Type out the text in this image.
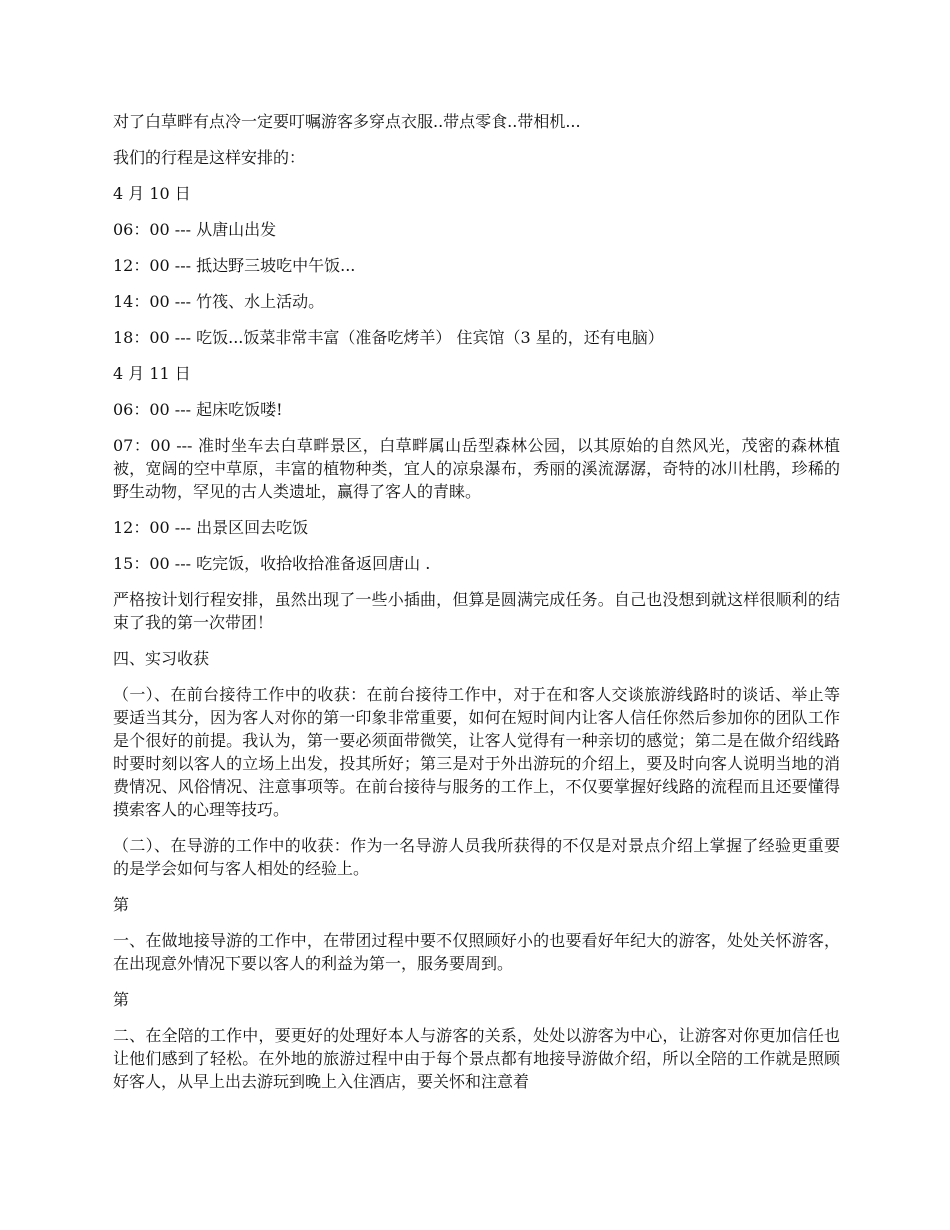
对了白草畔有点冷一定要叮嘱游客多穿点衣服..带点零食..带相机...

我们的行程是这样安排的：

4 月 10 日

06：00 --- 从唐山出发

12：00 --- 抵达野三坡吃中午饭...

14：00 --- 竹筏、水上活动。

18：00 --- 吃饭...饭菜非常丰富（准备吃烤羊） 住宾馆（3 星的，还有电脑）

4 月 11 日

06：00 --- 起床吃饭喽!

07：00 --- 准时坐车去白草畔景区，白草畔属山岳型森林公园，以其原始的自然风光，茂密的森林植被，宽阔的空中草原，丰富的植物种类，宜人的凉泉瀑布，秀丽的溪流潺潺，奇特的冰川杜鹃，珍稀的野生动物，罕见的古人类遗址，赢得了客人的青睐。

12：00 --- 出景区回去吃饭

15：00 --- 吃完饭，收拾收拾准备返回唐山 .

严格按计划行程安排，虽然出现了一些小插曲，但算是圆满完成任务。自己也没想到就这样很顺利的结束了我的第一次带团！

四、实习收获

（一）、在前台接待工作中的收获：在前台接待工作中，对于在和客人交谈旅游线路时的谈话、举止等要适当其分，因为客人对你的第一印象非常重要，如何在短时间内让客人信任你然后参加你的团队工作是个很好的前提。我认为，第一要必须面带微笑，让客人觉得有一种亲切的感觉；第二是在做介绍线路时要时刻以客人的立场上出发，投其所好；第三是对于外出游玩的介绍上，要及时向客人说明当地的消费情况、风俗情况、注意事项等。在前台接待与服务的工作上，不仅要掌握好线路的流程而且还要懂得摸索客人的心理等技巧。

（二）、在导游的工作中的收获：作为一名导游人员我所获得的不仅是对景点介绍上掌握了经验更重要的是学会如何与客人相处的经验上。

第

一、在做地接导游的工作中，在带团过程中要不仅照顾好小的也要看好年纪大的游客，处处关怀游客，在出现意外情况下要以客人的利益为第一，服务要周到。

第

二、在全陪的工作中，要更好的处理好本人与游客的关系，处处以游客为中心，让游客对你更加信任也让他们感到了轻松。在外地的旅游过程中由于每个景点都有地接导游做介绍，所以全陪的工作就是照顾好客人，从早上出去游玩到晚上入住酒店，要关怀和注意着
